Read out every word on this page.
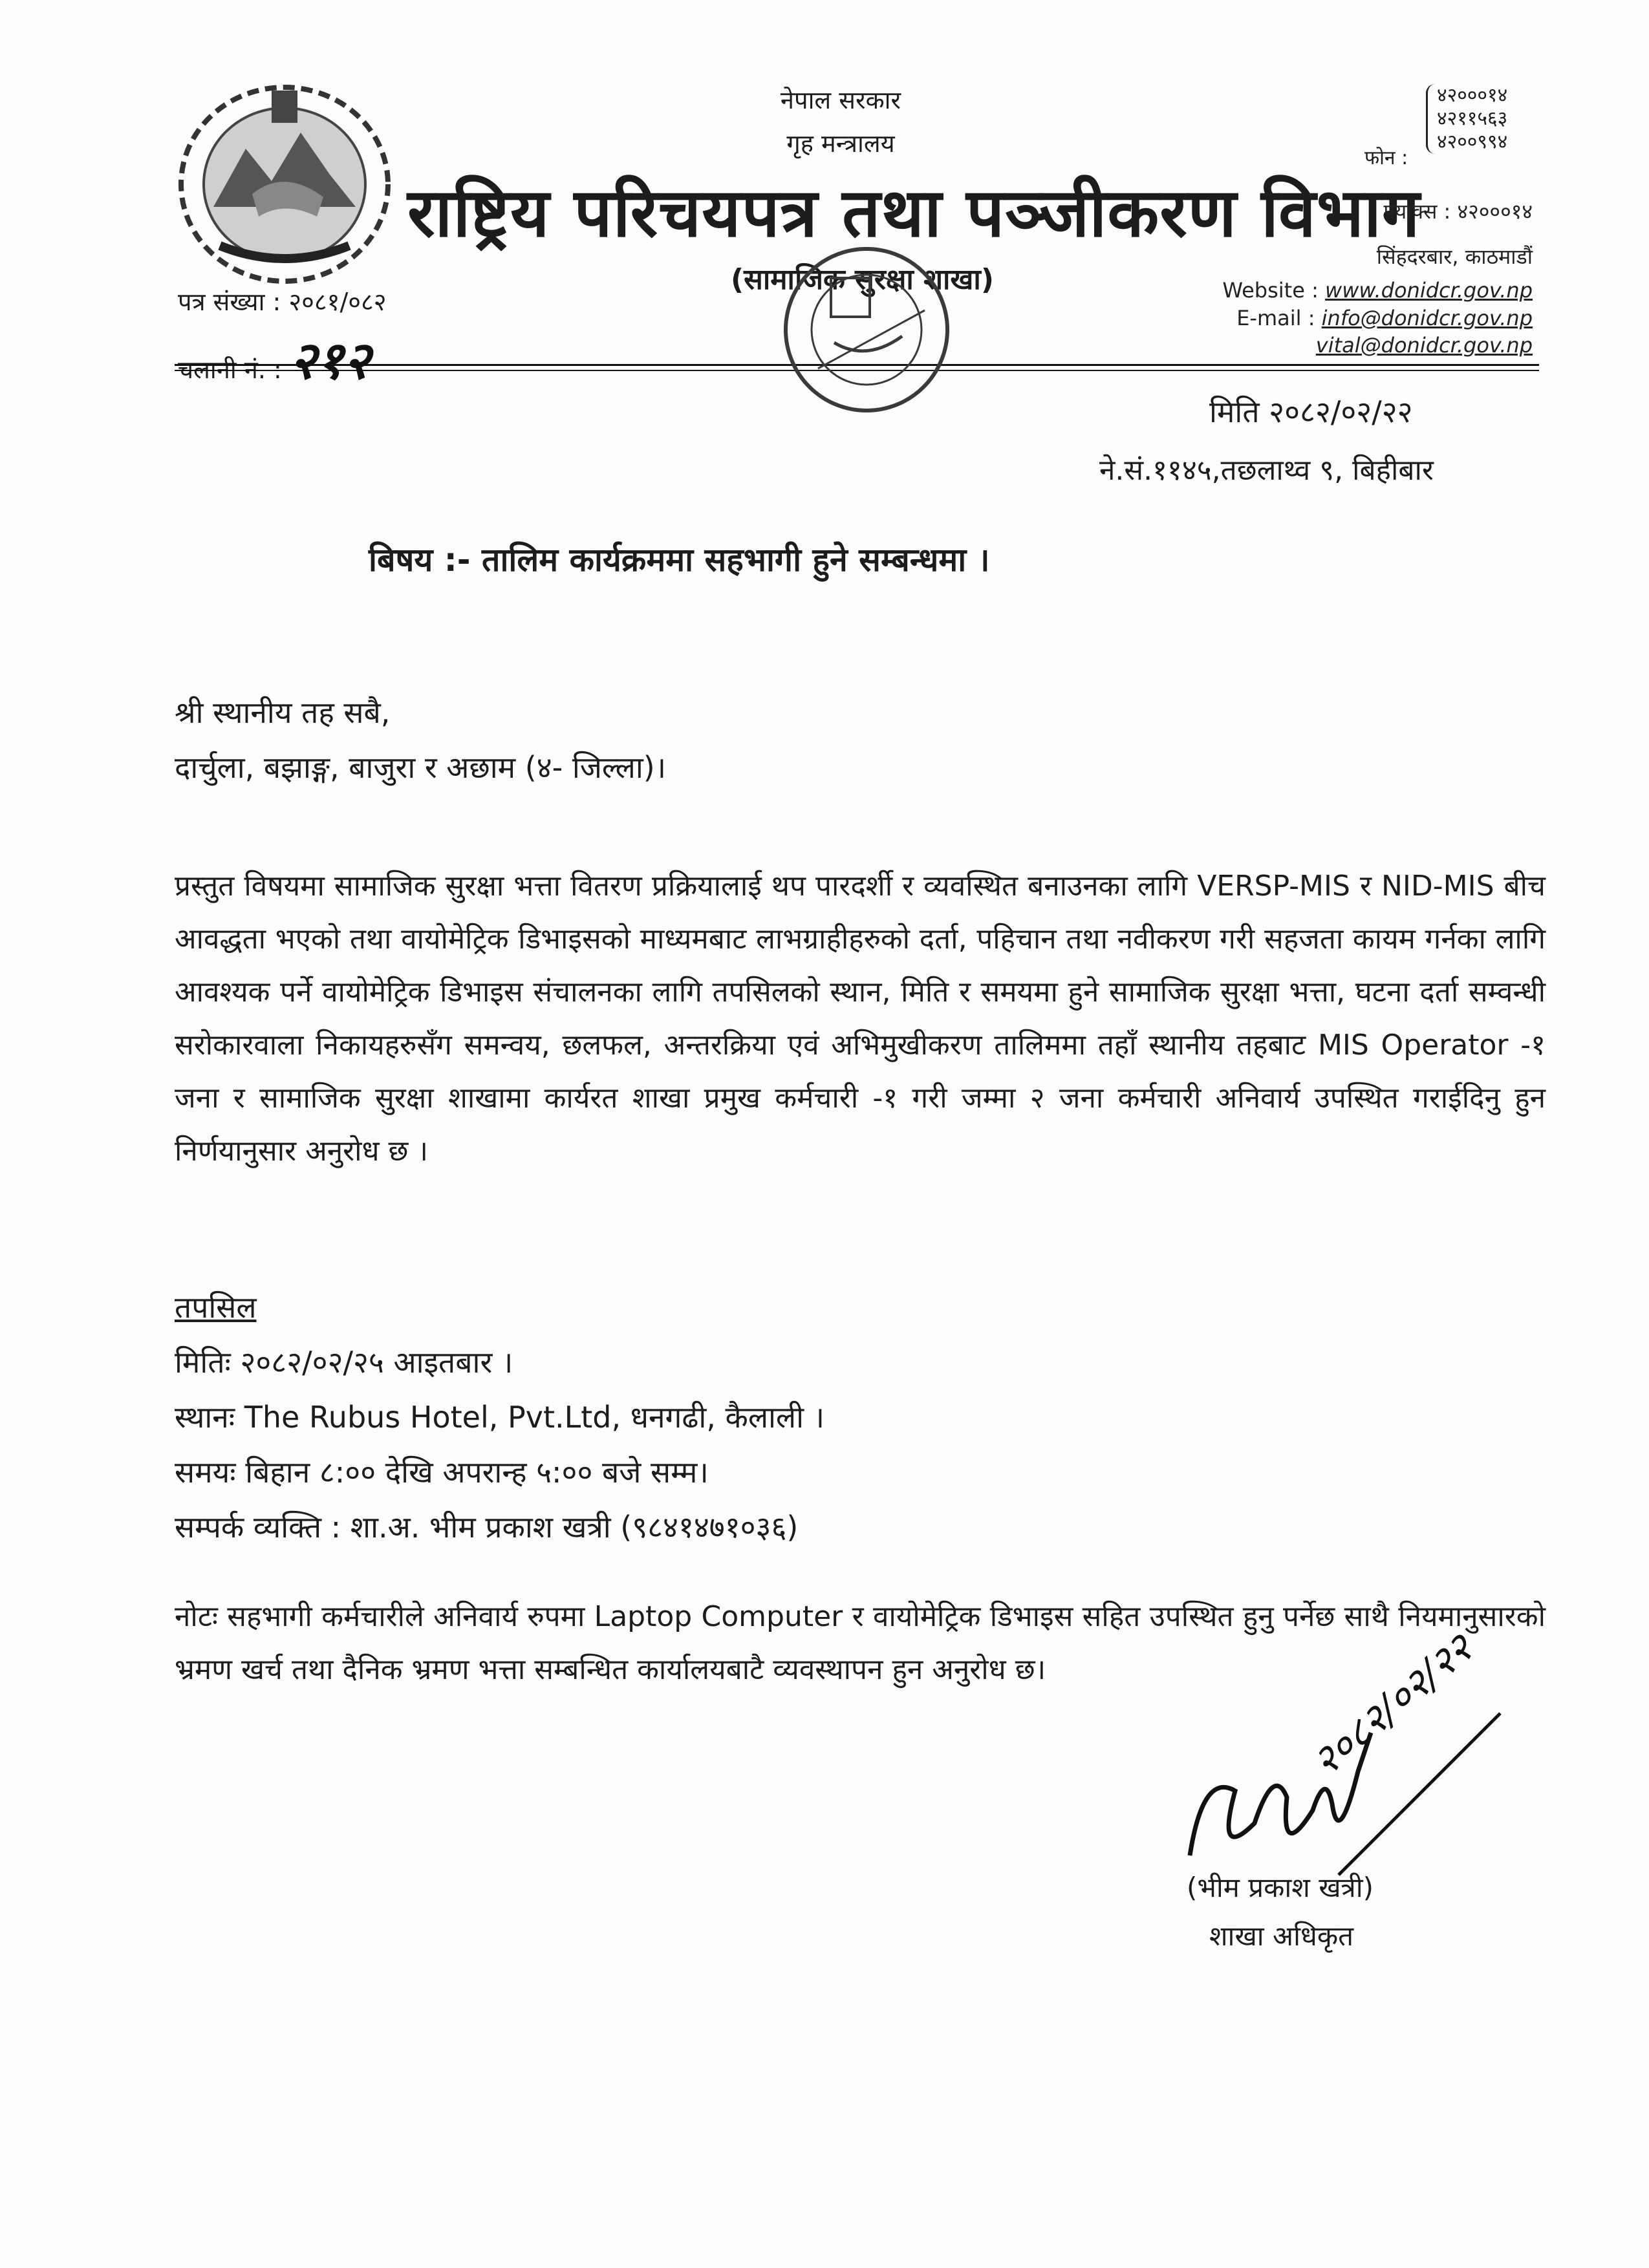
नेपाल सरकार
गृह मन्त्रालय
राष्ट्रिय परिचयपत्र तथा पञ्जीकरण विभाग
(सामाजिक सुरक्षा शाखा)
फोन :
४२०००१४
४२११५६३
४२००९९४
फ्याक्स : ४२०००१४
सिंहदरबार, काठमाडौं
Website : www.donidcr.gov.np
E-mail : info@donidcr.gov.np
vital@donidcr.gov.np
पत्र संख्या : २०८१/०८२
चलानी नं. : २१२
मिति २०८२/०२/२२
ने.सं.११४५,तछलाथ्व ९, बिहीबार
बिषय :- तालिम कार्यक्रममा सहभागी हुने सम्बन्धमा ।
श्री स्थानीय तह सबै,
दार्चुला, बझाङ्ग, बाजुरा र अछाम (४- जिल्ला)।
प्रस्तुत विषयमा सामाजिक सुरक्षा भत्ता वितरण प्रक्रियालाई थप पारदर्शी र व्यवस्थित बनाउनका लागि VERSP-MIS र NID-MIS बीच आवद्धता भएको तथा वायोमेट्रिक डिभाइसको माध्यमबाट लाभग्राहीहरुको दर्ता, पहिचान तथा नवीकरण गरी सहजता कायम गर्नका लागि आवश्यक पर्ने वायोमेट्रिक डिभाइस संचालनका लागि तपसिलको स्थान, मिति र समयमा हुने सामाजिक सुरक्षा भत्ता, घटना दर्ता सम्वन्धी सरोकारवाला निकायहरुसँग समन्वय, छलफल, अन्तरक्रिया एवं अभिमुखीकरण तालिममा तहाँ स्थानीय तहबाट MIS Operator -१ जना र सामाजिक सुरक्षा शाखामा कार्यरत शाखा प्रमुख कर्मचारी -१ गरी जम्मा २ जना कर्मचारी अनिवार्य उपस्थित गराईदिनु हुन निर्णयानुसार अनुरोध छ ।
तपसिल
मितिः २०८२/०२/२५ आइतबार ।
स्थानः The Rubus Hotel, Pvt.Ltd, धनगढी, कैलाली ।
समयः बिहान ८:०० देखि अपरान्ह ५:०० बजे सम्म।
सम्पर्क व्यक्ति : शा.अ. भीम प्रकाश खत्री (९८४१४७१०३६)
नोटः सहभागी कर्मचारीले अनिवार्य रुपमा Laptop Computer र वायोमेट्रिक डिभाइस सहित उपस्थित हुनु पर्नेछ साथै नियमानुसारको भ्रमण खर्च तथा दैनिक भ्रमण भत्ता सम्बन्धित कार्यालयबाटै व्यवस्थापन हुन अनुरोध छ।	२०८२/०२/२२
(भीम प्रकाश खत्री)
शाखा अधिकृत
